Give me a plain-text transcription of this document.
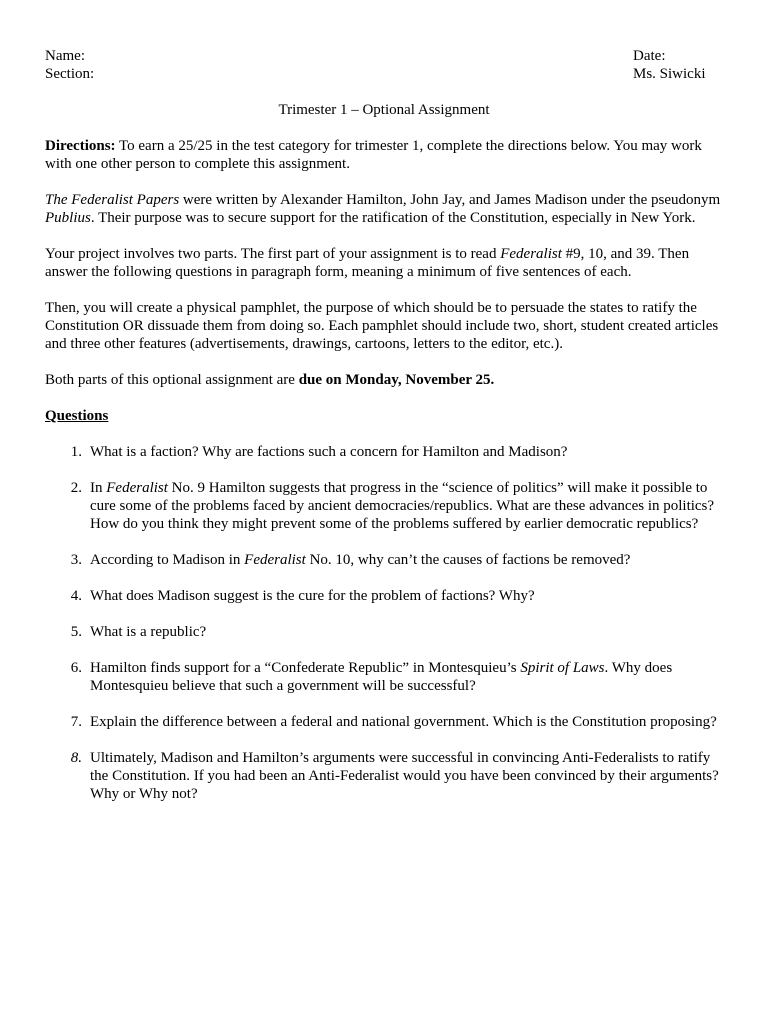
Name:
Section:
Date:
Ms. Siwicki
Trimester 1 – Optional Assignment

Directions: To earn a 25/25 in the test category for trimester 1, complete the directions below. You may work with one other person to complete this assignment.

The Federalist Papers were written by Alexander Hamilton, John Jay, and James Madison under the pseudonym Publius. Their purpose was to secure support for the ratification of the Constitution, especially in New York.

Your project involves two parts. The first part of your assignment is to read Federalist #9, 10, and 39. Then answer the following questions in paragraph form, meaning a minimum of five sentences of each.

Then, you will create a physical pamphlet, the purpose of which should be to persuade the states to ratify the Constitution OR dissuade them from doing so. Each pamphlet should include two, short, student created articles and three other features (advertisements, drawings, cartoons, letters to the editor, etc.).

Both parts of this optional assignment are due on Monday, November 25.

Questions
1. What is a faction? Why are factions such a concern for Hamilton and Madison?
2. In Federalist No. 9 Hamilton suggests that progress in the “science of politics” will make it possible to cure some of the problems faced by ancient democracies/republics. What are these advances in politics? How do you think they might prevent some of the problems suffered by earlier democratic republics?
3. According to Madison in Federalist No. 10, why can’t the causes of factions be removed?
4. What does Madison suggest is the cure for the problem of factions? Why?
5. What is a republic?
6. Hamilton finds support for a “Confederate Republic” in Montesquieu’s Spirit of Laws. Why does Montesquieu believe that such a government will be successful?
7. Explain the difference between a federal and national government. Which is the Constitution proposing?
8. Ultimately, Madison and Hamilton’s arguments were successful in convincing Anti-Federalists to ratify the Constitution. If you had been an Anti-Federalist would you have been convinced by their arguments? Why or Why not?
